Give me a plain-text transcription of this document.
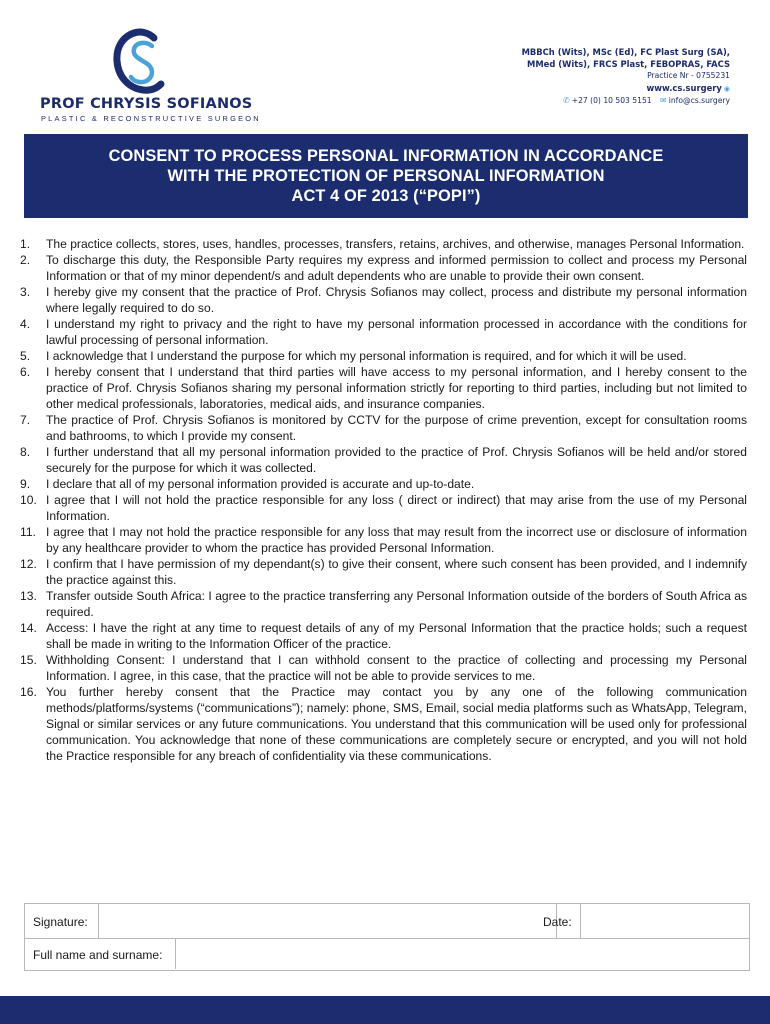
PROF CHRYSIS SOFIANOS
PLASTIC & RECONSTRUCTIVE SURGEON
MBBCh (Wits), MSc (Ed), FC Plast Surg (SA),
MMed (Wits), FRCS Plast, FEBOPRAS, FACS
Practice Nr - 0755231
www.cs.surgery ◉
✆ +27 (0) 10 503 5151 ✉ info@cs.surgery
CONSENT TO PROCESS PERSONAL INFORMATION IN ACCORDANCE
WITH THE PROTECTION OF PERSONAL INFORMATION
ACT 4 OF 2013 (“POPI”)
1.	The practice collects, stores, uses, handles, processes, transfers, retains, archives, and otherwise, manages Personal Information.
2.	To discharge this duty, the Responsible Party requires my express and informed permission to collect and process my Personal Information or that of my minor dependent/s and adult dependents who are unable to provide their own consent.
3.	I hereby give my consent that the practice of Prof. Chrysis Sofianos may collect, process and distribute my personal information where legally required to do so.
4.	I understand my right to privacy and the right to have my personal information processed in accordance with the conditions for lawful processing of personal information.
5.	I acknowledge that I understand the purpose for which my personal information is required, and for which it will be used.
6.	I hereby consent that I understand that third parties will have access to my personal information, and I hereby consent to the practice of Prof. Chrysis Sofianos sharing my personal information strictly for reporting to third parties, including but not limited to other medical professionals, laboratories, medical aids, and insurance companies.
7.	The practice of Prof. Chrysis Sofianos is monitored by CCTV for the purpose of crime prevention, except for consultation rooms and bathrooms, to which I provide my consent.
8.	I further understand that all my personal information provided to the practice of Prof. Chrysis Sofianos will be held and/or stored securely for the purpose for which it was collected.
9.	I declare that all of my personal information provided is accurate and up-to-date.
10. I agree that I will not hold the practice responsible for any loss ( direct or indirect) that may arise from the use of my Personal Information.
11. I agree that I may not hold the practice responsible for any loss that may result from the incorrect use or disclosure of information by any healthcare provider to whom the practice has provided Personal Information.
12. I confirm that I have permission of my dependant(s) to give their consent, where such consent has been provided, and I indemnify the practice against this.
13. Transfer outside South Africa: I agree to the practice transferring any Personal Information outside of the borders of South Africa as required.
14. Access: I have the right at any time to request details of any of my Personal Information that the practice holds; such a request shall be made in writing to the Information Officer of the practice.
15. Withholding Consent: I understand that I can withhold consent to the practice of collecting and processing my Personal Information. I agree, in this case, that the practice will not be able to provide services to me.
16. You further hereby consent that the Practice may contact you by any one of the following communication methods/platforms/systems (“communications”); namely: phone, SMS, Email, social media platforms such as WhatsApp, Telegram, Signal or similar services or any future communications. You understand that this communication will be used only for professional communication. You acknowledge that none of these communications are completely secure or encrypted, and you will not hold the Practice responsible for any breach of confidentiality via these communications.
Signature:	Date:
Full name and surname:
